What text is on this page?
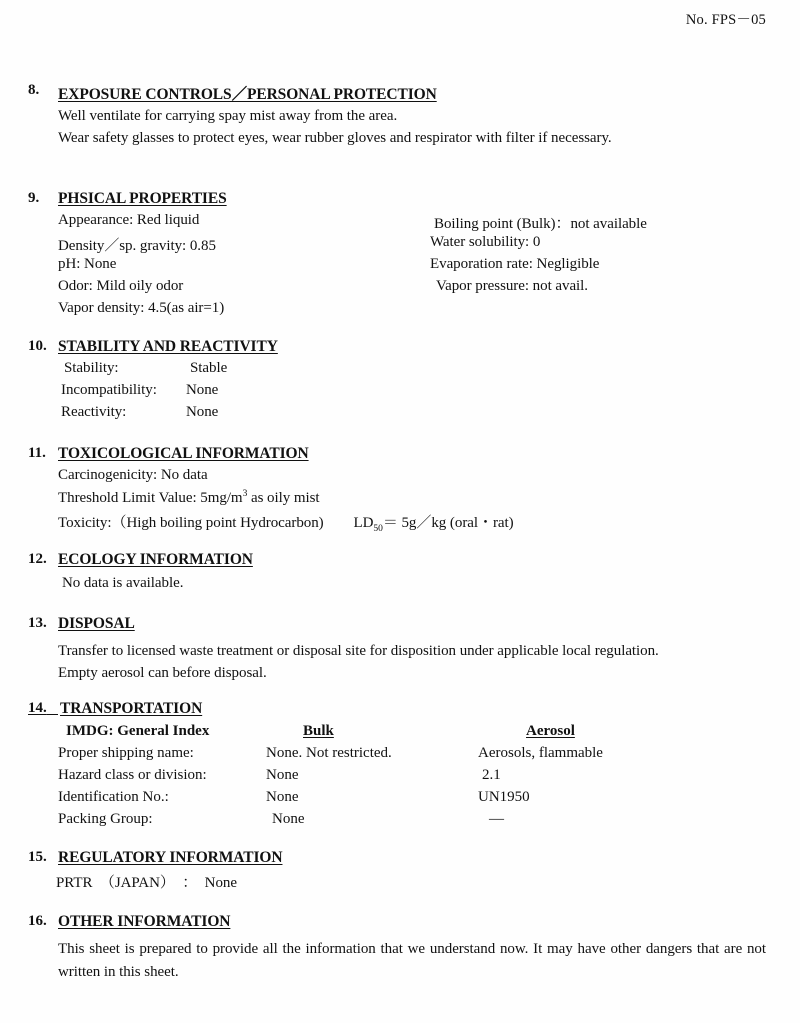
No. FPS－05
8. EXPOSURE CONTROLS／PERSONAL PROTECTION
Well ventilate for carrying spay mist away from the area.
Wear safety glasses to protect eyes, wear rubber gloves and respirator with filter if necessary.
9. PHSICAL PROPERTIES
Appearance: Red liquid
Density／sp. gravity: 0.85
pH: None
Odor: Mild oily odor
Vapor density: 4.5(as air=1)
Boiling point (Bulk)：not available
Water solubility: 0
Evaporation rate: Negligible
Vapor pressure: not avail.
10. STABILITY AND REACTIVITY
Stability:	Stable
Incompatibility: None
Reactivity:	None
11. TOXICOLOGICAL INFORMATION
Carcinogenicity: No data
Threshold Limit Value: $5mg/m^3$ as oily mist
Toxicity:（High boiling point Hydrocarbon)　　$LD_{50}=$ 5g／kg (oral・rat)
12. ECOLOGY INFORMATION
No data is available.
13. DISPOSAL
Transfer to licensed waste treatment or disposal site for disposition under applicable local regulation.
Empty aerosol can before disposal.
14. TRANSPORTATION
IMDG: General Index	Bulk	Aerosol
Proper shipping name:	None. Not restricted.	Aerosols, flammable
Hazard class or division:	None	2.1
Identification No.:	None	UN1950
Packing Group:	None	—
15. REGULATORY INFORMATION
PRTR　（JAPAN）　：　None
16. OTHER INFORMATION
This sheet is prepared to provide all the information that we understand now. It may have other dangers that are not written in this sheet.
